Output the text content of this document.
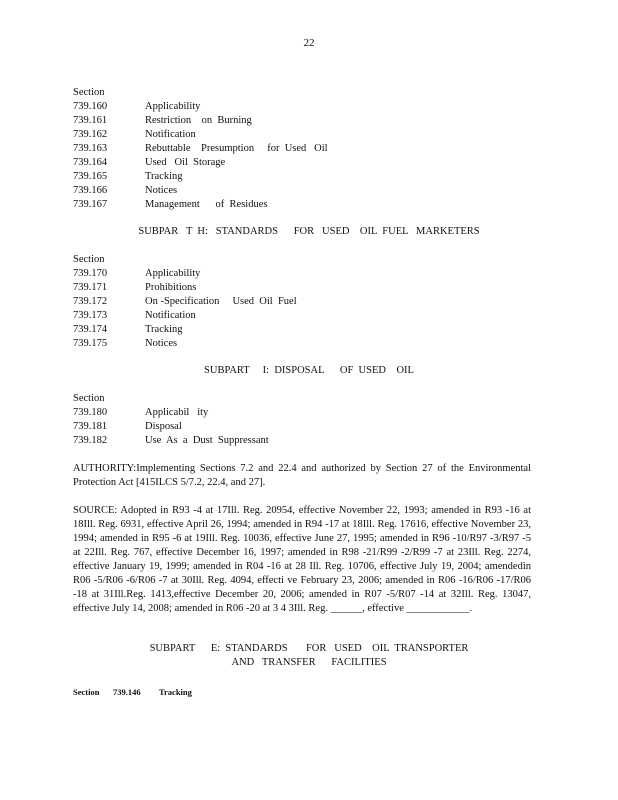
22
Section
739.160	Applicability
739.161	Restriction    on  Burning
739.162	Notification
739.163	Rebuttable    Presumption     for  Used   Oil
739.164	Used   Oil  Storage
739.165	Tracking
739.166	Notices
739.167	Management      of  Residues
SUBPAR   T  H:   STANDARDS      FOR   USED    OIL  FUEL   MARKETERS
Section
739.170	Applicability
739.171	Prohibitions
739.172	On -Specification     Used  Oil  Fuel
739.173	Notification
739.174	Tracking
739.175	Notices
SUBPART     I:  DISPOSAL      OF  USED    OIL
Section
739.180	Applicabil   ity
739.181	Disposal
739.182	Use  As  a  Dust  Suppressant
AUTHORITY:Implementing Sections 7.2 and 22.4 and authorized by Section 27 of the Environmental Protection Act [415ILCS 5/7.2, 22.4, and 27].
SOURCE: Adopted in R93 -4 at 17Ill. Reg. 20954, effective November 22, 1993; amended in R93 -16 at 18Ill. Reg. 6931, effective April 26, 1994; amended in R94 -17 at 18Ill. Reg. 17616, effective November 23, 1994; amended in R95 -6 at 19Ill. Reg. 10036, effective June 27, 1995; amended in R96 -10/R97 -3/R97 -5 at 22Ill. Reg. 767, effective December 16, 1997; amended in R98 -21/R99 -2/R99 -7 at 23Ill. Reg. 2274, effective January 19, 1999; amended in R04 -16 at 28 Ill. Reg. 10706, effective July 19, 2004; amendedin R06 -5/R06 -6/R06 -7 at 30Ill. Reg. 4094, effecti ve February 23, 2006; amended in R06 -16/R06 -17/R06 -18 at 31Ill.Reg. 1413,effective December 20, 2006; amended in R07 -5/R07 -14 at 32Ill. Reg. 13047, effective July 14, 2008; amended in R06 -20 at 3 4 3Ill. Reg. ______, effective ____________.
SUBPART      E:  STANDARDS       FOR   USED    OIL  TRANSPORTER
AND   TRANSFER      FACILITIES
Section	739.146	Tracking
